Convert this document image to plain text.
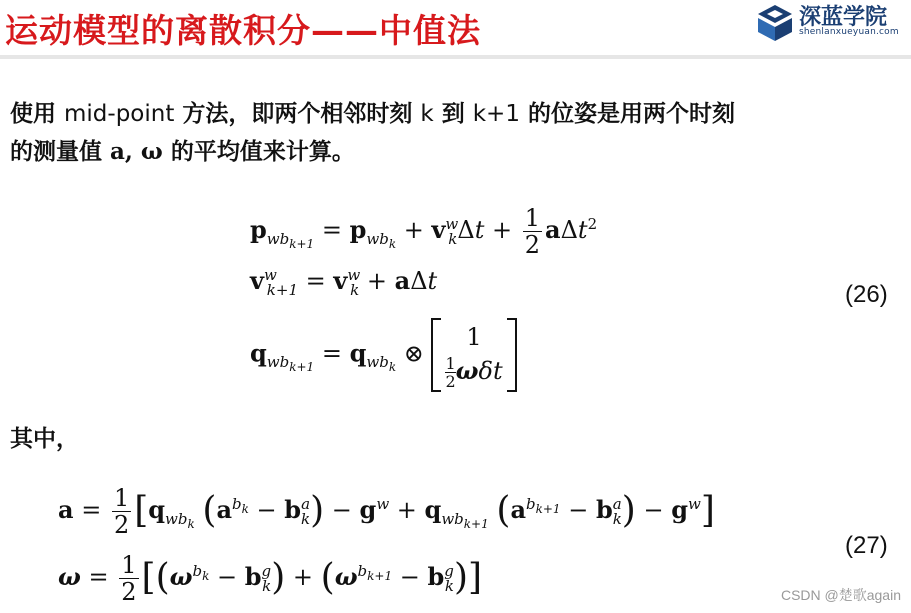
运动模型的离散积分——中值法	深蓝学院
shenlanxueyuan.com
使用 mid-point 方法，即两个相邻时刻 k 到 k+1 的位姿是用两个时刻
的测量值 a, ω 的平均值来计算。
$p_{wb_{k+1}} = p_{wb_k} + v^w_k\Delta t + \frac{1}{2} a\Delta t^2$
$v^w_{k+1} = v^w_k + a\Delta t$
$q_{wb_{k+1}} = q_{wb_k}$ ⊗
1

$\frac{1}{2}$ ωδt
(26)
其中，
$a = \frac{1}{2} [q_{wb_k}$ $(a^{b_k} - b^a_k) - g^w + q_{wb_{k+1}}$ $(a^{b_{k+1}} - b^a_k) - g^w$]
$\omega = \frac{1}{2} [(\omega^{b_k} - b^g_k) + (\omega^{b_{k+1}} - b^g_k)]$
(27)
CSDN @楚歌again
